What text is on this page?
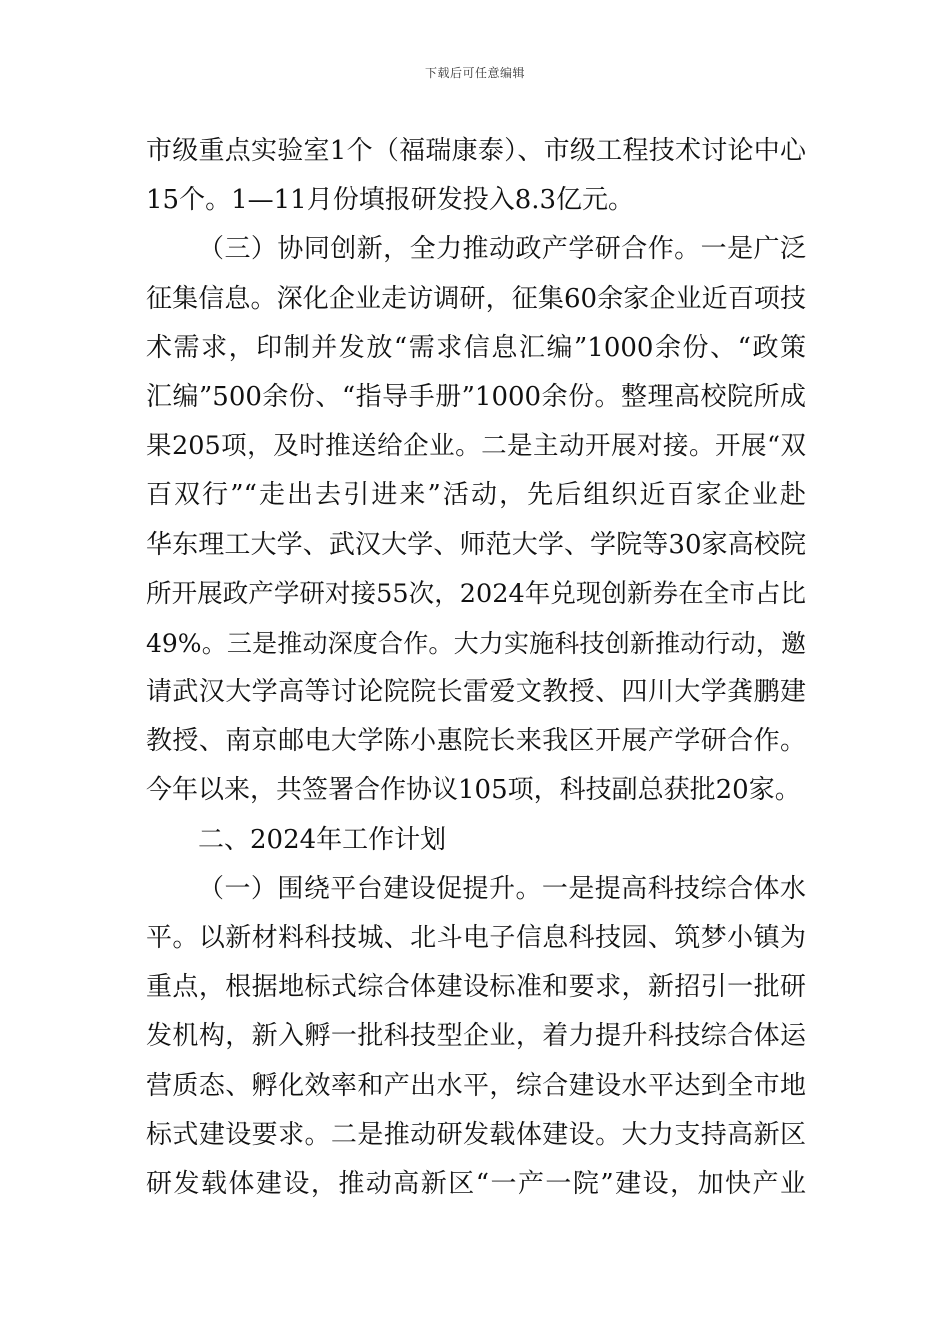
下载后可任意编辑
市级重点实验室1个（福瑞康泰）、市级工程技术讨论中心
15个。1—11月份填报研发投入8.3亿元。
（三）协同创新，全力推动政产学研合作。一是广泛
征集信息。深化企业走访调研，征集60余家企业近百项技
术需求，印制并发放“需求信息汇编”1000余份、“政策
汇编”500余份、“指导手册”1000余份。整理高校院所成
果205项，及时推送给企业。二是主动开展对接。开展“双
百双行”“走出去引进来”活动，先后组织近百家企业赴
华东理工大学、武汉大学、师范大学、学院等30家高校院
所开展政产学研对接55次，2024年兑现创新券在全市占比
49%。三是推动深度合作。大力实施科技创新推动行动，邀
请武汉大学高等讨论院院长雷爱文教授、四川大学龚鹏建
教授、南京邮电大学陈小惠院长来我区开展产学研合作。
今年以来，共签署合作协议105项，科技副总获批20家。
二、2024年工作计划
（一）围绕平台建设促提升。一是提高科技综合体水
平。以新材料科技城、北斗电子信息科技园、筑梦小镇为
重点，根据地标式综合体建设标准和要求，新招引一批研
发机构，新入孵一批科技型企业，着力提升科技综合体运
营质态、孵化效率和产出水平，综合建设水平达到全市地
标式建设要求。二是推动研发载体建设。大力支持高新区
研发载体建设，推动高新区“一产一院”建设，加快产业
